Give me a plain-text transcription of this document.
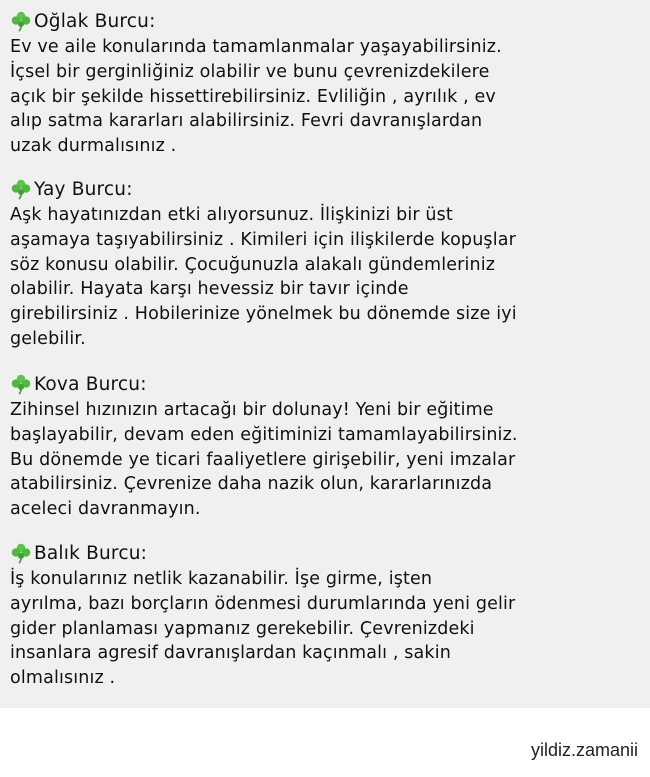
Oğlak Burcu:
Ev ve aile konularında tamamlanmalar yaşayabilirsiniz.
İçsel bir gerginliğiniz olabilir ve bunu çevrenizdekilere
açık bir şekilde hissettirebilirsiniz. Evliliğin , ayrılık , ev
alıp satma kararları alabilirsiniz. Fevri davranışlardan
uzak durmalısınız .
Yay Burcu:
Aşk hayatınızdan etki alıyorsunuz. İlişkinizi bir üst
aşamaya taşıyabilirsiniz . Kimileri için ilişkilerde kopuşlar
söz konusu olabilir. Çocuğunuzla alakalı gündemleriniz
olabilir. Hayata karşı hevessiz bir tavır içinde
girebilirsiniz . Hobilerinize yönelmek bu dönemde size iyi
gelebilir.
Kova Burcu:
Zihinsel hızınızın artacağı bir dolunay! Yeni bir eğitime
başlayabilir, devam eden eğitiminizi tamamlayabilirsiniz.
Bu dönemde ye ticari faaliyetlere girişebilir, yeni imzalar
atabilirsiniz. Çevrenize daha nazik olun, kararlarınızda
aceleci davranmayın.
Balık Burcu:
İş konularınız netlik kazanabilir. İşe girme, işten
ayrılma, bazı borçların ödenmesi durumlarında yeni gelir
gider planlaması yapmanız gerekebilir. Çevrenizdeki
insanlara agresif davranışlardan kaçınmalı , sakin
olmalısınız .
yildiz.zamanii
